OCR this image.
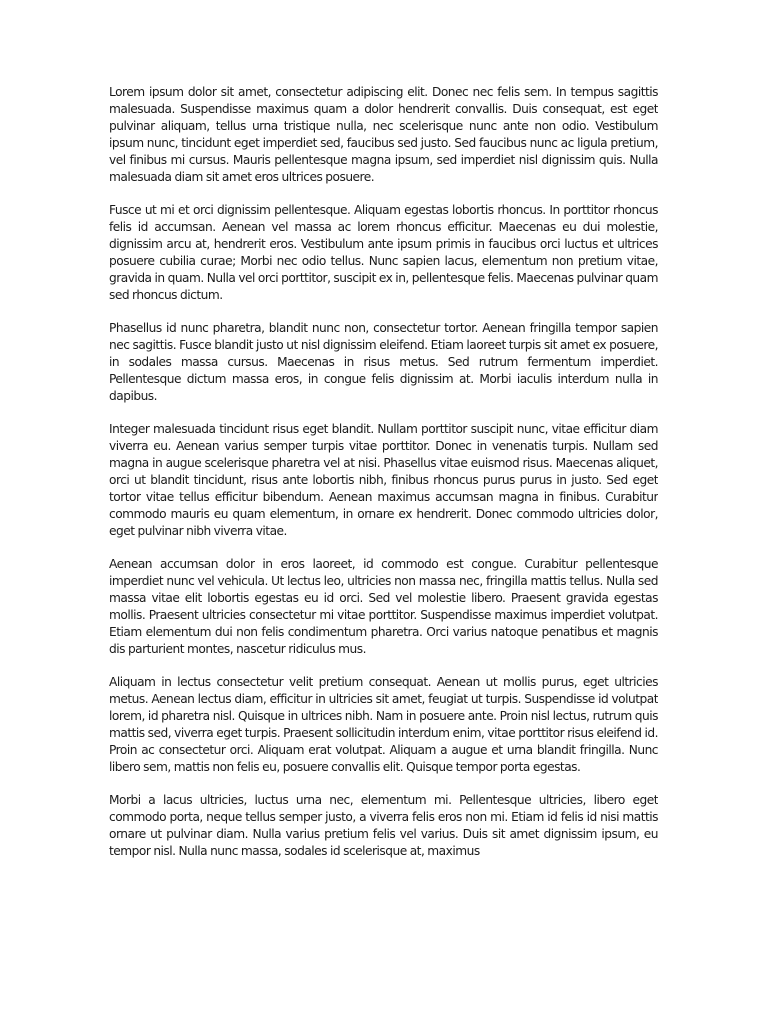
Lorem ipsum dolor sit amet, consectetur adipiscing elit. Donec nec felis sem. In tempus sagittis malesuada. Suspendisse maximus quam a dolor hendrerit convallis. Duis consequat, est eget pulvinar aliquam, tellus urna tristique nulla, nec scelerisque nunc ante non odio. Vestibulum ipsum nunc, tincidunt eget imperdiet sed, faucibus sed justo. Sed faucibus nunc ac ligula pretium, vel finibus mi cursus. Mauris pellentesque magna ipsum, sed imperdiet nisl dignissim quis. Nulla malesuada diam sit amet eros ultrices posuere.

Fusce ut mi et orci dignissim pellentesque. Aliquam egestas lobortis rhoncus. In porttitor rhoncus felis id accumsan. Aenean vel massa ac lorem rhoncus efficitur. Maecenas eu dui molestie, dignissim arcu at, hendrerit eros. Vestibulum ante ipsum primis in faucibus orci luctus et ultrices posuere cubilia curae; Morbi nec odio tellus. Nunc sapien lacus, elementum non pretium vitae, gravida in quam. Nulla vel orci porttitor, suscipit ex in, pellentesque felis. Maecenas pulvinar quam sed rhoncus dictum.

Phasellus id nunc pharetra, blandit nunc non, consectetur tortor. Aenean fringilla tempor sapien nec sagittis. Fusce blandit justo ut nisl dignissim eleifend. Etiam laoreet turpis sit amet ex posuere, in sodales massa cursus. Maecenas in risus metus. Sed rutrum fermentum imperdiet. Pellentesque dictum massa eros, in congue felis dignissim at. Morbi iaculis interdum nulla in dapibus.

Integer malesuada tincidunt risus eget blandit. Nullam porttitor suscipit nunc, vitae efficitur diam viverra eu. Aenean varius semper turpis vitae porttitor. Donec in venenatis turpis. Nullam sed magna in augue scelerisque pharetra vel at nisi. Phasellus vitae euismod risus. Maecenas aliquet, orci ut blandit tincidunt, risus ante lobortis nibh, finibus rhoncus purus purus in justo. Sed eget tortor vitae tellus efficitur bibendum. Aenean maximus accumsan magna in finibus. Curabitur commodo mauris eu quam elementum, in ornare ex hendrerit. Donec commodo ultricies dolor, eget pulvinar nibh viverra vitae.

Aenean accumsan dolor in eros laoreet, id commodo est congue. Curabitur pellentesque imperdiet nunc vel vehicula. Ut lectus leo, ultricies non massa nec, fringilla mattis tellus. Nulla sed massa vitae elit lobortis egestas eu id orci. Sed vel molestie libero. Praesent gravida egestas mollis. Praesent ultricies consectetur mi vitae porttitor. Suspendisse maximus imperdiet volutpat. Etiam elementum dui non felis condimentum pharetra. Orci varius natoque penatibus et magnis dis parturient montes, nascetur ridiculus mus.

Aliquam in lectus consectetur velit pretium consequat. Aenean ut mollis purus, eget ultricies metus. Aenean lectus diam, efficitur in ultricies sit amet, feugiat ut turpis. Suspendisse id volutpat lorem, id pharetra nisl. Quisque in ultrices nibh. Nam in posuere ante. Proin nisl lectus, rutrum quis mattis sed, viverra eget turpis. Praesent sollicitudin interdum enim, vitae porttitor risus eleifend id. Proin ac consectetur orci. Aliquam erat volutpat. Aliquam a augue et urna blandit fringilla. Nunc libero sem, mattis non felis eu, posuere convallis elit. Quisque tempor porta egestas.

Morbi a lacus ultricies, luctus urna nec, elementum mi. Pellentesque ultricies, libero eget commodo porta, neque tellus semper justo, a viverra felis eros non mi. Etiam id felis id nisi mattis ornare ut pulvinar diam. Nulla varius pretium felis vel varius. Duis sit amet dignissim ipsum, eu tempor nisl. Nulla nunc massa, sodales id scelerisque at, maximus
